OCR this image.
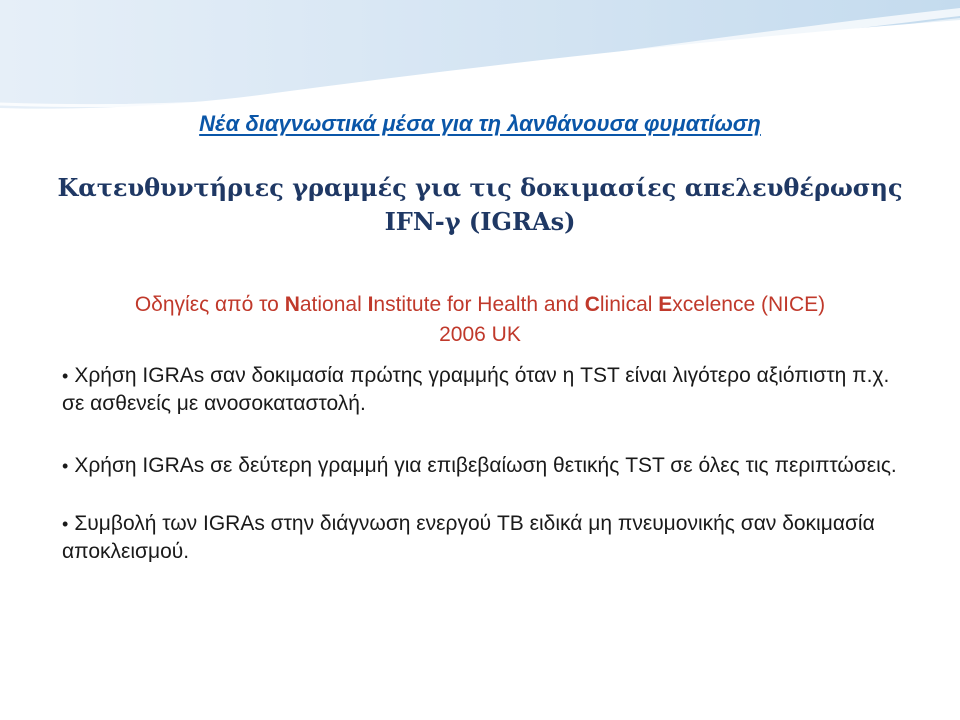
Νέα διαγνωστικά μέσα για τη λανθάνουσα φυματίωση

Κατευθυντήριες γραμμές για τις δοκιμασίες απελευθέρωσης
IFN-γ (IGRAs)

Οδηγίες από το National Institute for Health and Clinical Excelence (NICE)
2006 UK

• Χρήση IGRAs σαν δοκιμασία πρώτης γραμμής όταν η TST είναι λιγότερο αξιόπιστη π.χ. σε ασθενείς με ανοσοκαταστολή.
• Χρήση IGRAs σε δεύτερη γραμμή για επιβεβαίωση θετικής TST σε όλες τις περιπτώσεις.
• Συμβολή των IGRAs στην διάγνωση ενεργού TB ειδικά μη πνευμονικής σαν δοκιμασία αποκλεισμού.
